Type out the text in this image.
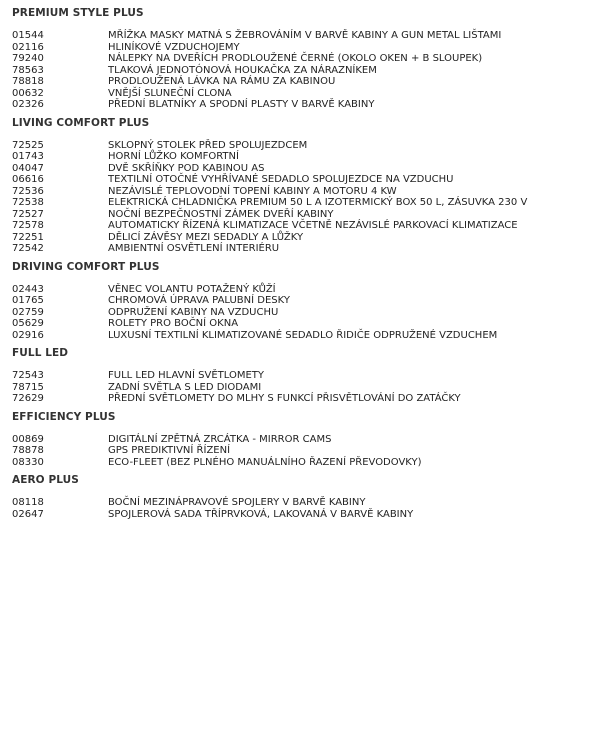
PREMIUM STYLE PLUS
01544	MŘÍŽKA MASKY MATNÁ S ŽEBROVÁNÍM V BARVĚ KABINY A GUN METAL LIŠTAMI
02116	HLINÍKOVÉ VZDUCHOJEMY
79240	NÁLEPKY NA DVEŘÍCH PRODLOUŽENÉ ČERNÉ (OKOLO OKEN + B SLOUPEK)
78563	TLAKOVÁ JEDNOTÓNOVÁ HOUKAČKA ZA NÁRAZNÍKEM
78818	PRODLOUŽENÁ LÁVKA NA RÁMU ZA KABINOU
00632	VNĚJŠÍ SLUNEČNÍ CLONA
02326	PŘEDNÍ BLATNÍKY A SPODNÍ PLASTY V BARVĚ KABINY
LIVING COMFORT PLUS
72525	SKLOPNÝ STOLEK PŘED SPOLUJEZDCEM
01743	HORNÍ LŮŽKO KOMFORTNÍ
04047	DVĚ SKŘÍŇKY POD KABINOU AS
06616	TEXTILNÍ OTOČNÉ VYHŘÍVANÉ SEDADLO SPOLUJEZDCE NA VZDUCHU
72536	NEZÁVISLÉ TEPLOVODNÍ TOPENÍ KABINY A MOTORU 4 KW
72538	ELEKTRICKÁ CHLADNIČKA PREMIUM 50 L A IZOTERMICKÝ BOX 50 L, ZÁSUVKA 230 V
72527	NOČNÍ BEZPEČNOSTNÍ ZÁMEK DVEŘÍ KABINY
72578	AUTOMATICKY ŘÍZENÁ KLIMATIZACE VČETNĚ NEZÁVISLÉ PARKOVACÍ KLIMATIZACE
72251	DĚLICÍ ZÁVĚSY MEZI SEDADLY A LŮŽKY
72542	AMBIENTNÍ OSVĚTLENÍ INTERIÉRU
DRIVING COMFORT PLUS
02443	VĚNEC VOLANTU POTAŽENÝ KŮŽÍ
01765	CHROMOVÁ ÚPRAVA PALUBNÍ DESKY
02759	ODPRUŽENÍ KABINY NA VZDUCHU
05629	ROLETY PRO BOČNÍ OKNA
02916	LUXUSNÍ TEXTILNÍ KLIMATIZOVANÉ SEDADLO ŘIDIČE ODPRUŽENÉ VZDUCHEM
FULL LED
72543	FULL LED HLAVNÍ SVĚTLOMETY
78715	ZADNÍ SVĚTLA S LED DIODAMI
72629	PŘEDNÍ SVĚTLOMETY DO MLHY S FUNKCÍ PŘISVĚTLOVÁNÍ DO ZATÁČKY
EFFICIENCY PLUS
00869	DIGITÁLNÍ ZPĚTNÁ ZRCÁTKA - MIRROR CAMS
78878	GPS PREDIKTIVNÍ ŘÍZENÍ
08330	ECO-FLEET (BEZ PLNÉHO MANUÁLNÍHO ŘAZENÍ PŘEVODOVKY)
AERO PLUS
08118	BOČNÍ MEZINÁPRAVOVÉ SPOJLERY V BARVĚ KABINY
02647	SPOJLEROVÁ SADA TŘÍPRVKOVÁ, LAKOVANÁ V BARVĚ KABINY
